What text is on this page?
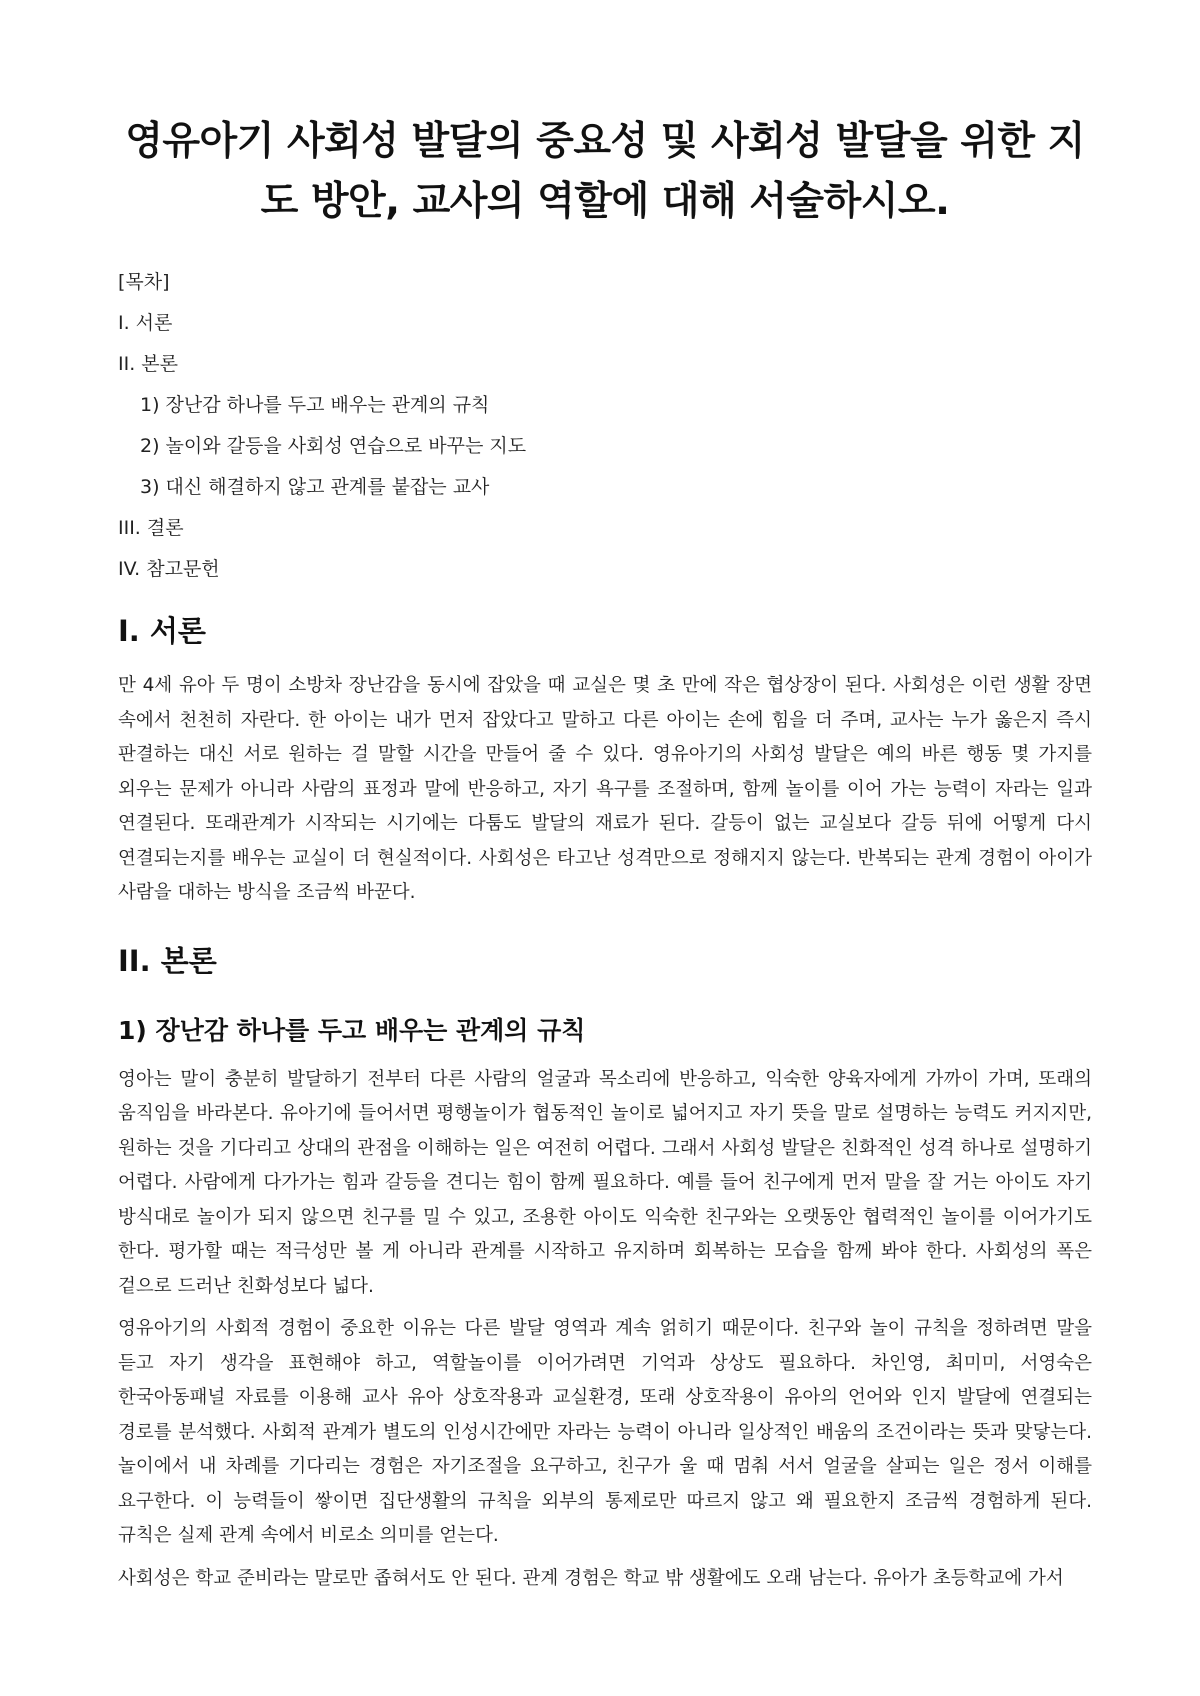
영유아기 사회성 발달의 중요성 및 사회성 발달을 위한 지도 방안, 교사의 역할에 대해 서술하시오.
[목차]
I. 서론
II. 본론
1) 장난감 하나를 두고 배우는 관계의 규칙
2) 놀이와 갈등을 사회성 연습으로 바꾸는 지도
3) 대신 해결하지 않고 관계를 붙잡는 교사
III. 결론
IV. 참고문헌
I. 서론

만 4세 유아 두 명이 소방차 장난감을 동시에 잡았을 때 교실은 몇 초 만에 작은 협상장이 된다. 사회성은 이런 생활 장면 속에서 천천히 자란다. 한 아이는 내가 먼저 잡았다고 말하고 다른 아이는 손에 힘을 더 주며, 교사는 누가 옳은지 즉시 판결하는 대신 서로 원하는 걸 말할 시간을 만들어 줄 수 있다. 영유아기의 사회성 발달은 예의 바른 행동 몇 가지를 외우는 문제가 아니라 사람의 표정과 말에 반응하고, 자기 욕구를 조절하며, 함께 놀이를 이어 가는 능력이 자라는 일과 연결된다. 또래관계가 시작되는 시기에는 다툼도 발달의 재료가 된다. 갈등이 없는 교실보다 갈등 뒤에 어떻게 다시 연결되는지를 배우는 교실이 더 현실적이다. 사회성은 타고난 성격만으로 정해지지 않는다. 반복되는 관계 경험이 아이가 사람을 대하는 방식을 조금씩 바꾼다.

II. 본론
1) 장난감 하나를 두고 배우는 관계의 규칙

영아는 말이 충분히 발달하기 전부터 다른 사람의 얼굴과 목소리에 반응하고, 익숙한 양육자에게 가까이 가며, 또래의 움직임을 바라본다. 유아기에 들어서면 평행놀이가 협동적인 놀이로 넓어지고 자기 뜻을 말로 설명하는 능력도 커지지만, 원하는 것을 기다리고 상대의 관점을 이해하는 일은 여전히 어렵다. 그래서 사회성 발달은 친화적인 성격 하나로 설명하기 어렵다. 사람에게 다가가는 힘과 갈등을 견디는 힘이 함께 필요하다. 예를 들어 친구에게 먼저 말을 잘 거는 아이도 자기 방식대로 놀이가 되지 않으면 친구를 밀 수 있고, 조용한 아이도 익숙한 친구와는 오랫동안 협력적인 놀이를 이어가기도 한다. 평가할 때는 적극성만 볼 게 아니라 관계를 시작하고 유지하며 회복하는 모습을 함께 봐야 한다. 사회성의 폭은 겉으로 드러난 친화성보다 넓다.

영유아기의 사회적 경험이 중요한 이유는 다른 발달 영역과 계속 얽히기 때문이다. 친구와 놀이 규칙을 정하려면 말을 듣고 자기 생각을 표현해야 하고, 역할놀이를 이어가려면 기억과 상상도 필요하다. 차인영, 최미미, 서영숙은 한국아동패널 자료를 이용해 교사 유아 상호작용과 교실환경, 또래 상호작용이 유아의 언어와 인지 발달에 연결되는 경로를 분석했다. 사회적 관계가 별도의 인성시간에만 자라는 능력이 아니라 일상적인 배움의 조건이라는 뜻과 맞닿는다. 놀이에서 내 차례를 기다리는 경험은 자기조절을 요구하고, 친구가 울 때 멈춰 서서 얼굴을 살피는 일은 정서 이해를 요구한다. 이 능력들이 쌓이면 집단생활의 규칙을 외부의 통제로만 따르지 않고 왜 필요한지 조금씩 경험하게 된다. 규칙은 실제 관계 속에서 비로소 의미를 얻는다.

사회성은 학교 준비라는 말로만 좁혀서도 안 된다. 관계 경험은 학교 밖 생활에도 오래 남는다. 유아가 초등학교에 가서
